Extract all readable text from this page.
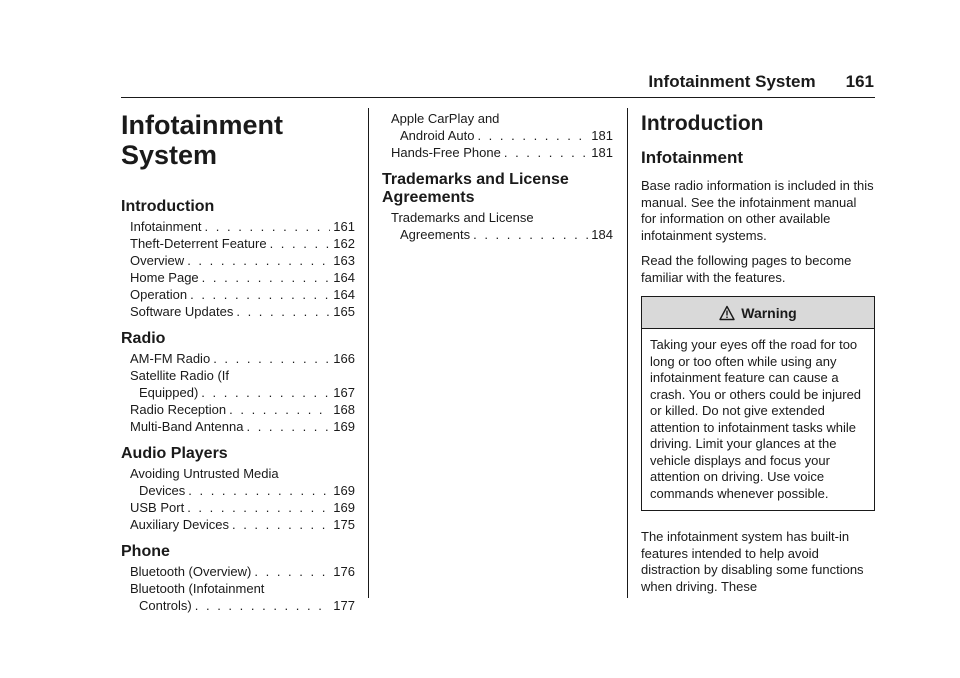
Infotainment System 161
Infotainment
System
Introduction
Infotainment . . .	161
Theft-Deterrent Feature . . .	162
Overview . . .	163
Home Page . . .	164
Operation . . .	164
Software Updates . . .	165
Radio
AM-FM Radio . . .	166
Satellite Radio (If
Equipped) . . .	167
Radio Reception . . .	168
Multi-Band Antenna . . .	169
Audio Players
Avoiding Untrusted Media
Devices . . .	169
USB Port . . .	169
Auxiliary Devices . . .	175
Phone
Bluetooth (Overview) . . .	176
Bluetooth (Infotainment
Controls) . . .	177
Apple CarPlay and
Android Auto . . .	181
Hands-Free Phone . . .	181
Trademarks and License
Agreements
Trademarks and License
Agreements . . .	184
Introduction
Infotainment

Base radio information is included in this manual. See the infotainment manual for information on other available infotainment systems.

Read the following pages to become familiar with the features.

Warning
Taking your eyes off the road for too long or too often while using any infotainment feature can cause a crash. You or others could be injured or killed. Do not give extended attention to infotainment tasks while driving. Limit your glances at the vehicle displays and focus your attention on driving. Use voice commands whenever possible.

The infotainment system has built-in features intended to help avoid distraction by disabling some functions when driving. These
